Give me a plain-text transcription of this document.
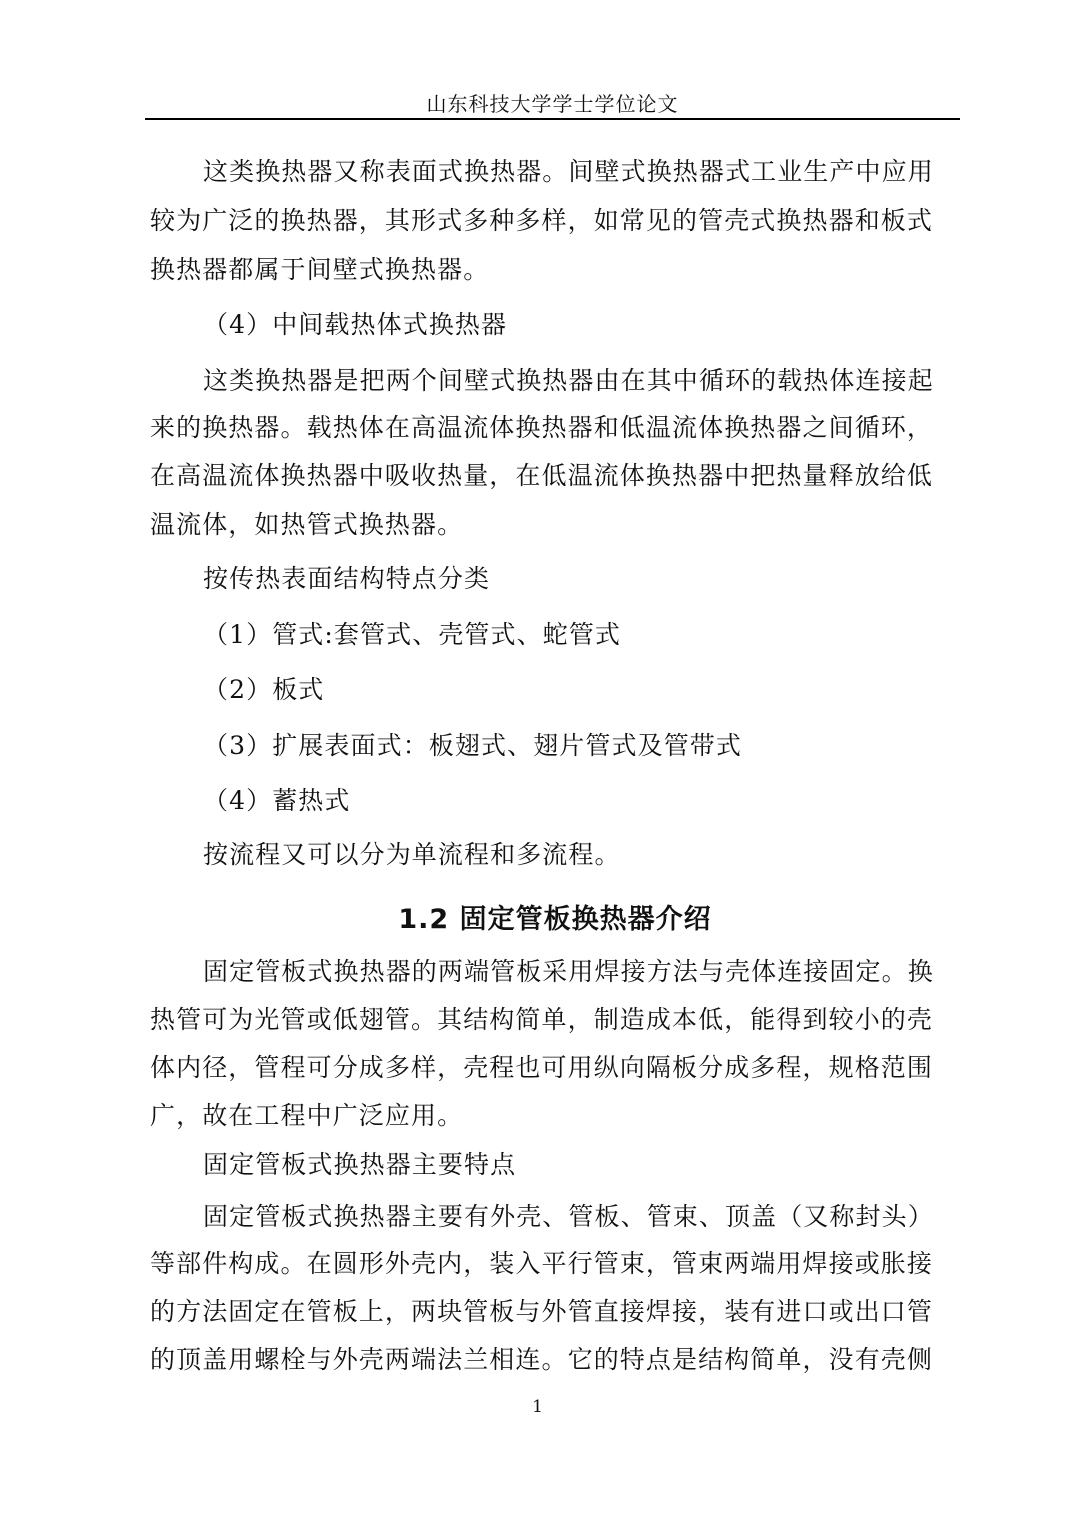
山东科技大学学士学位论文
这类换热器又称表面式换热器。间壁式换热器式工业生产中应用
较为广泛的换热器，其形式多种多样，如常见的管壳式换热器和板式
换热器都属于间壁式换热器。
（4）中间载热体式换热器
这类换热器是把两个间壁式换热器由在其中循环的载热体连接起
来的换热器。载热体在高温流体换热器和低温流体换热器之间循环，
在高温流体换热器中吸收热量，在低温流体换热器中把热量释放给低
温流体，如热管式换热器。
按传热表面结构特点分类
（1）管式:套管式、壳管式、蛇管式
（2）板式
（3）扩展表面式：板翅式、翅片管式及管带式
（4）蓄热式
按流程又可以分为单流程和多流程。
1.2 固定管板换热器介绍
固定管板式换热器的两端管板采用焊接方法与壳体连接固定。换
热管可为光管或低翅管。其结构简单，制造成本低，能得到较小的壳
体内径，管程可分成多样，壳程也可用纵向隔板分成多程，规格范围
广，故在工程中广泛应用。
固定管板式换热器主要特点
固定管板式换热器主要有外壳、管板、管束、顶盖（又称封头）
等部件构成。在圆形外壳内，装入平行管束，管束两端用焊接或胀接
的方法固定在管板上，两块管板与外管直接焊接，装有进口或出口管
的顶盖用螺栓与外壳两端法兰相连。它的特点是结构简单，没有壳侧
1
